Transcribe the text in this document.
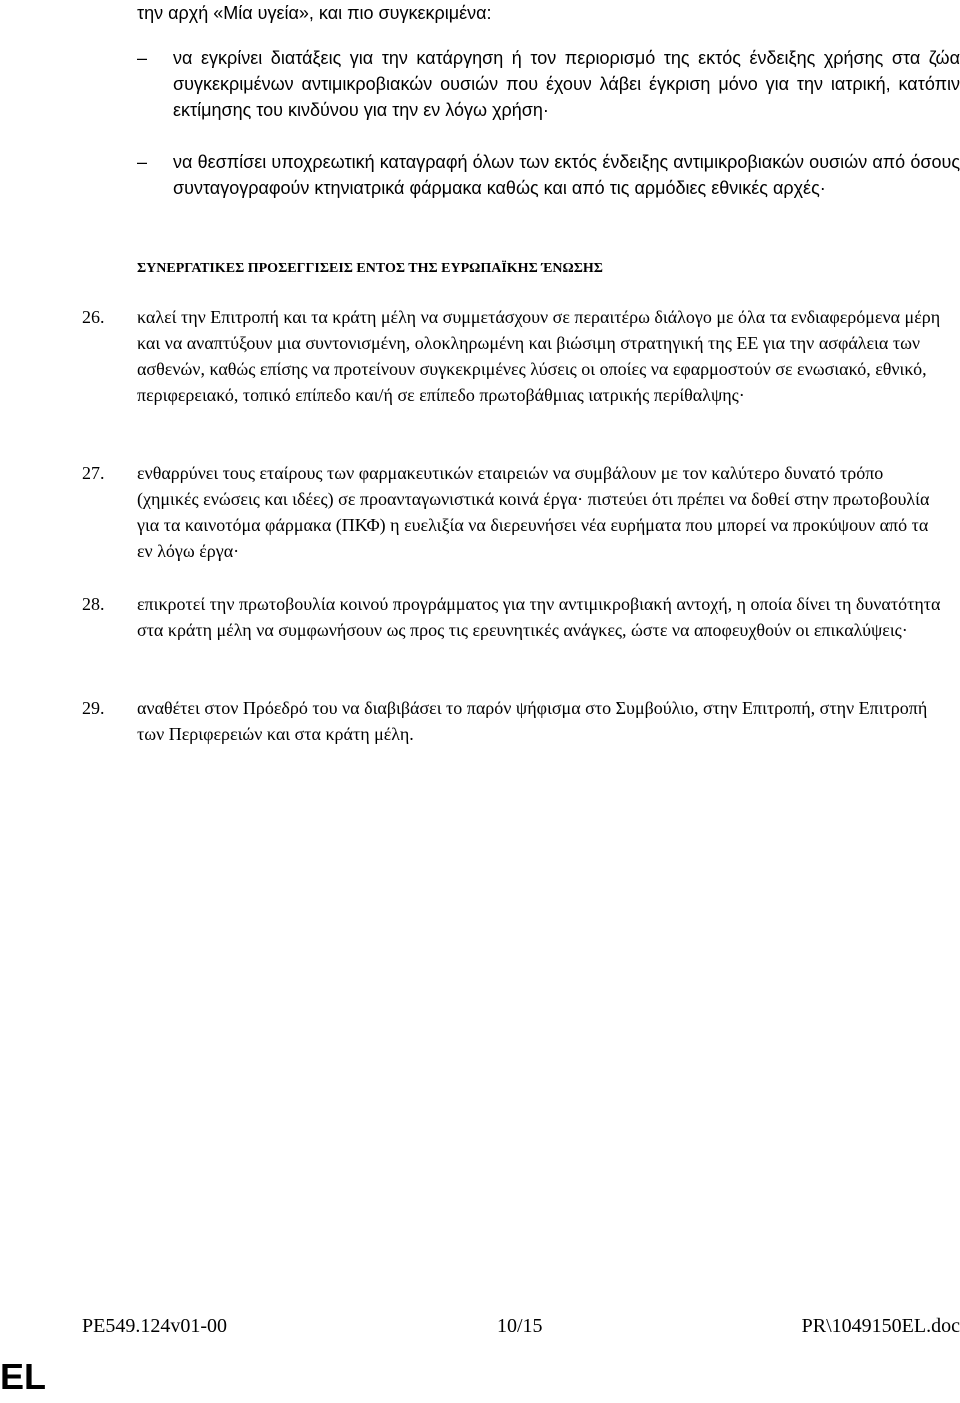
την αρχή «Μία υγεία», και πιο συγκεκριμένα:

–	να εγκρίνει διατάξεις για την κατάργηση ή τον περιορισμό της εκτός ένδειξης χρήσης στα ζώα συγκεκριμένων αντιμικροβιακών ουσιών που έχουν λάβει έγκριση μόνο για την ιατρική, κατόπιν εκτίμησης του κινδύνου για την εν λόγω χρήση·
–	να θεσπίσει υποχρεωτική καταγραφή όλων των εκτός ένδειξης αντιμικροβιακών ουσιών από όσους συνταγογραφούν κτηνιατρικά φάρμακα καθώς και από τις αρμόδιες εθνικές αρχές·
ΣΥΝΕΡΓΑΤΙΚΕΣ ΠΡΟΣΕΓΓΙΣΕΙΣ ΕΝΤΟΣ ΤΗΣ ΕΥΡΩΠΑΪΚΗΣ ΈΝΩΣΗΣ
26.	καλεί την Επιτροπή και τα κράτη μέλη να συμμετάσχουν σε περαιτέρω διάλογο με όλα τα ενδιαφερόμενα μέρη και να αναπτύξουν μια συντονισμένη, ολοκληρωμένη και βιώσιμη στρατηγική της ΕΕ για την ασφάλεια των ασθενών, καθώς επίσης να προτείνουν συγκεκριμένες λύσεις οι οποίες να εφαρμοστούν σε ενωσιακό, εθνικό, περιφερειακό, τοπικό επίπεδο και/ή σε επίπεδο πρωτοβάθμιας ιατρικής περίθαλψης·
27.	ενθαρρύνει τους εταίρους των φαρμακευτικών εταιρειών να συμβάλουν με τον καλύτερο δυνατό τρόπο (χημικές ενώσεις και ιδέες) σε προανταγωνιστικά κοινά έργα· πιστεύει ότι πρέπει να δοθεί στην πρωτοβουλία για τα καινοτόμα φάρμακα (ΠΚΦ) η ευελιξία να διερευνήσει νέα ευρήματα που μπορεί να προκύψουν από τα εν λόγω έργα·
28.	επικροτεί την πρωτοβουλία κοινού προγράμματος για την αντιμικροβιακή αντοχή, η οποία δίνει τη δυνατότητα στα κράτη μέλη να συμφωνήσουν ως προς τις ερευνητικές ανάγκες, ώστε να αποφευχθούν οι επικαλύψεις·
29.	αναθέτει στον Πρόεδρό του να διαβιβάσει το παρόν ψήφισμα στο Συμβούλιο, στην Επιτροπή, στην Επιτροπή των Περιφερειών και στα κράτη μέλη.
PE549.124v01-00	10/15	PR\1049150EL.doc
EL
